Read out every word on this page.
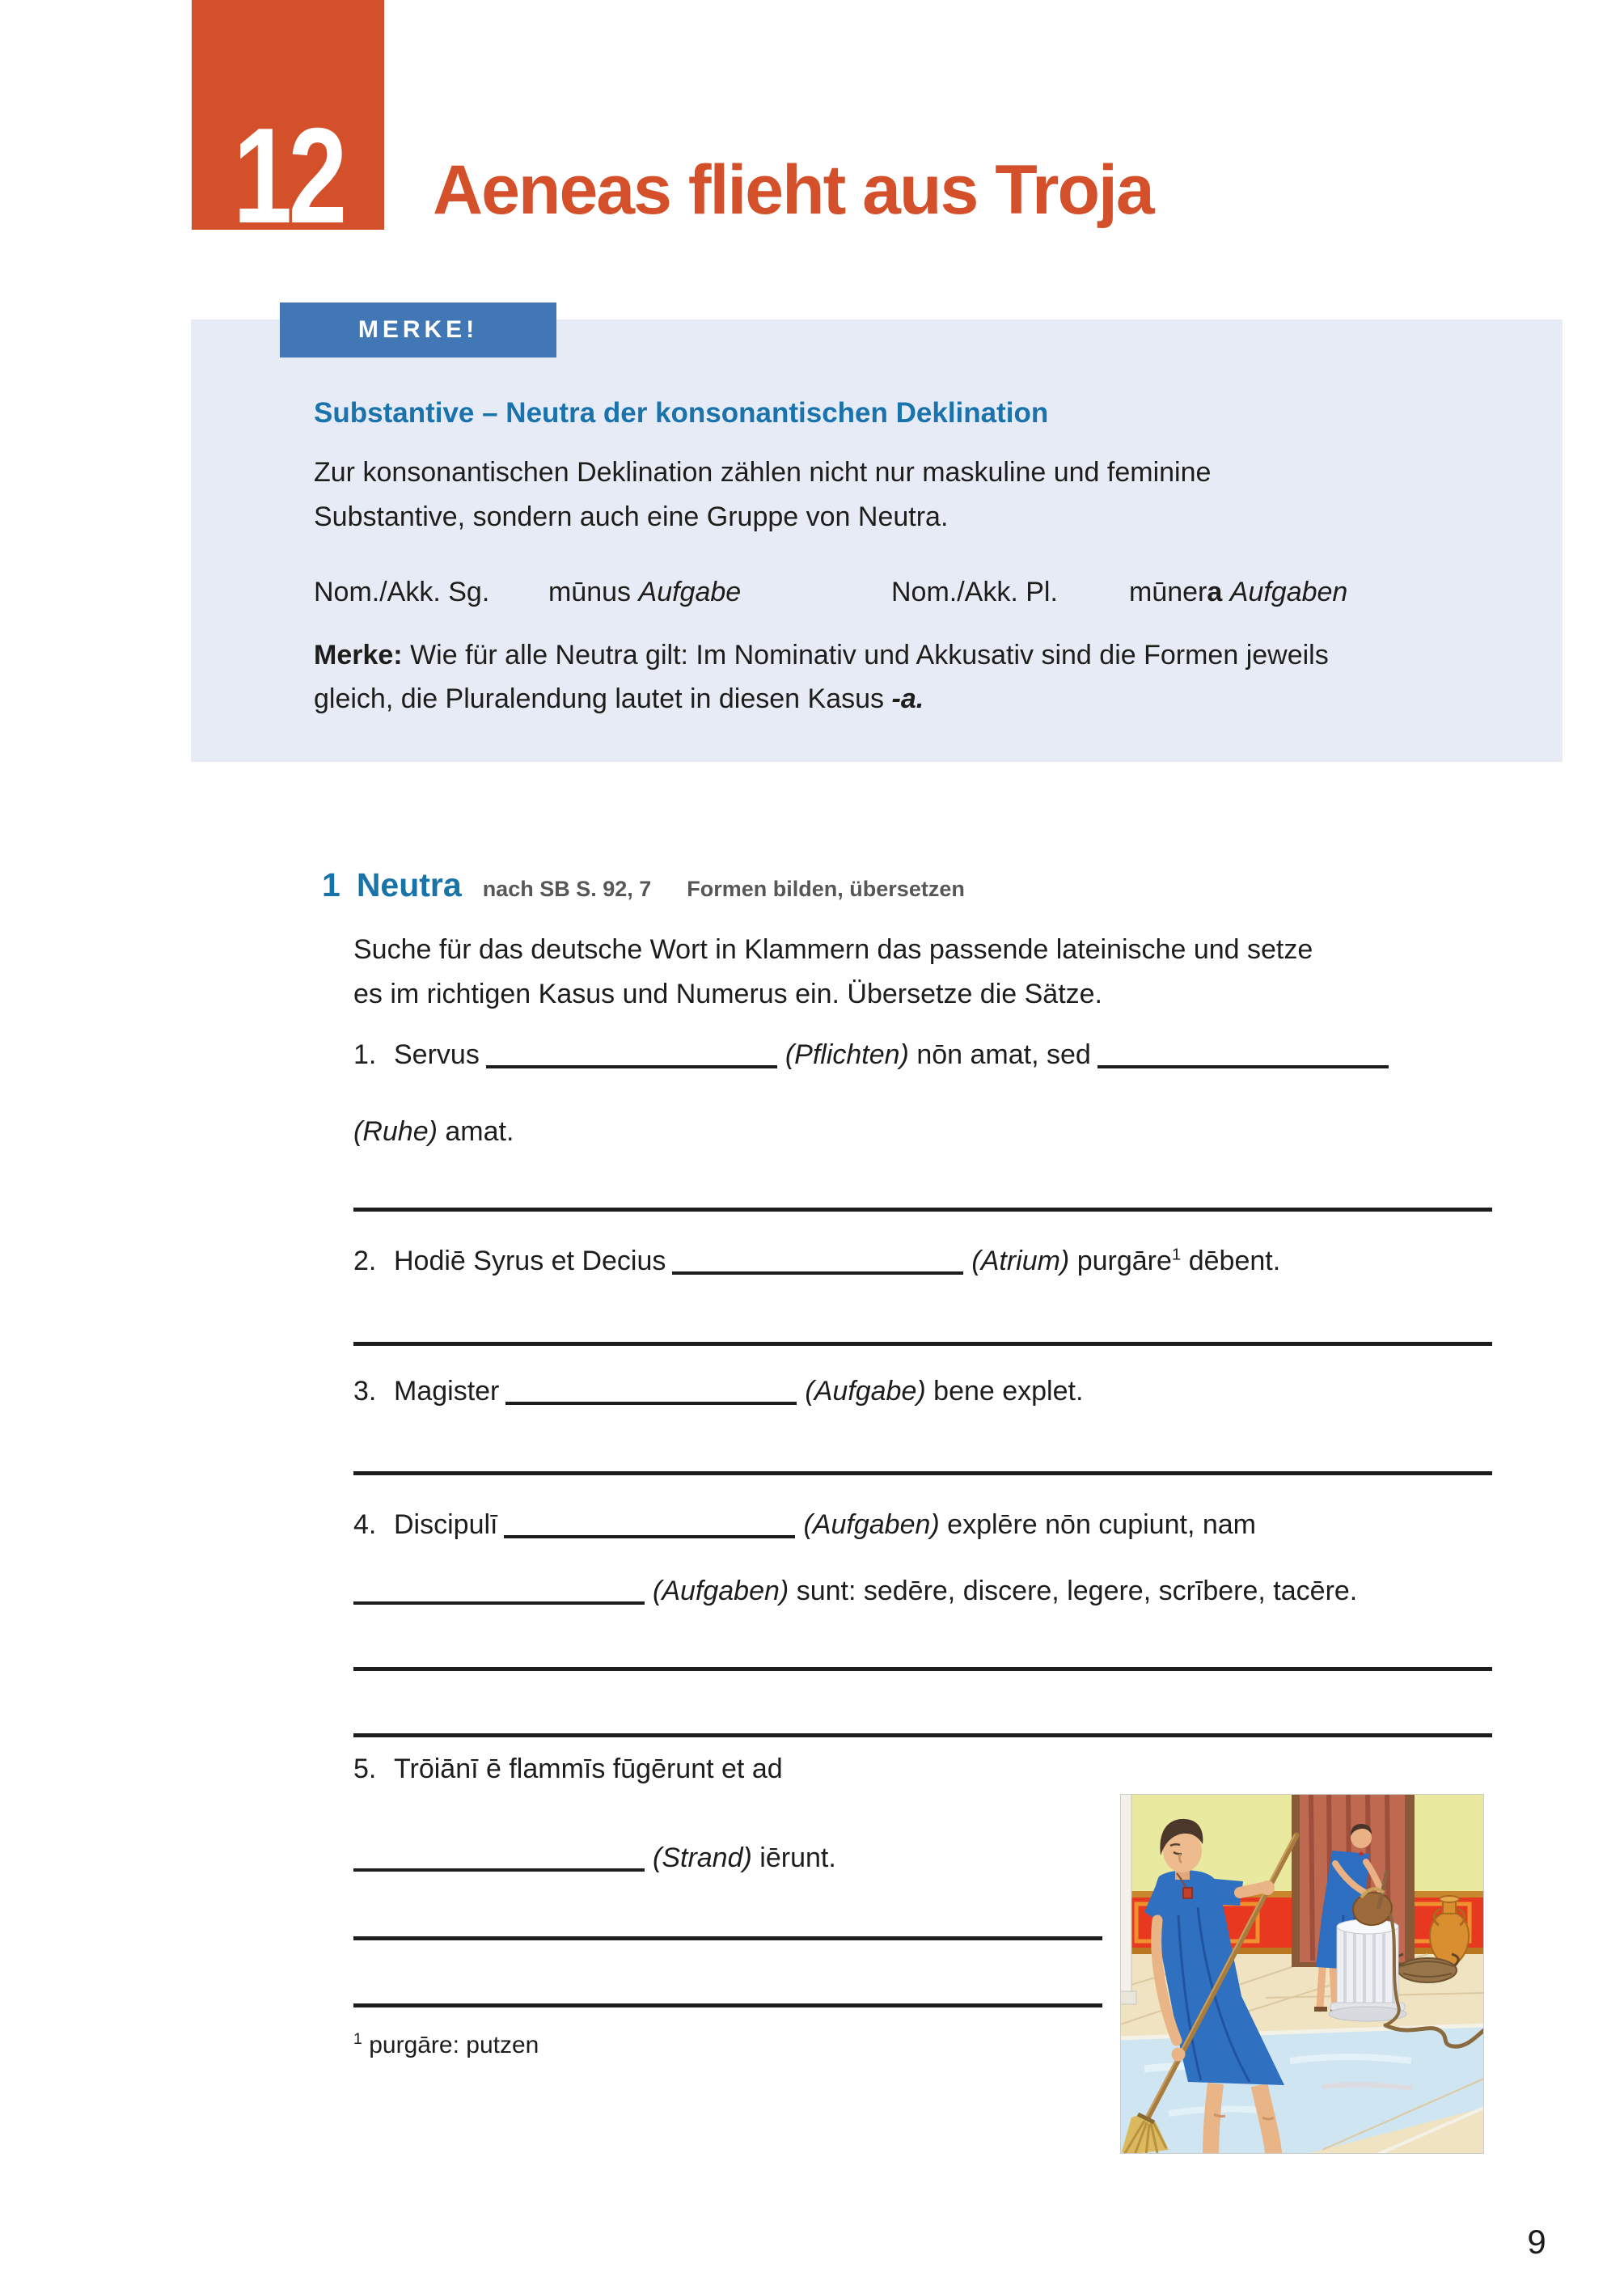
12 Aeneas flieht aus Troja
MERKE!
Substantive – Neutra der konsonantischen Deklination
Zur konsonantischen Deklination zählen nicht nur maskuline und feminine
Substantive, sondern auch eine Gruppe von Neutra.
Nom./Akk. Sg. mūnus Aufgabe	Nom./Akk. Pl.	mūnera Aufgaben
Merke: Wie für alle Neutra gilt: Im Nominativ und Akkusativ sind die Formen jeweils
gleich, die Pluralendung lautet in diesen Kasus -a.
1 Neutra nach SB S. 92, 7 Formen bilden, übersetzen
Suche für das deutsche Wort in Klammern das passende lateinische und setze
es im richtigen Kasus und Numerus ein. Übersetze die Sätze.
1. Servus	(Pflichten) nōn amat, sed
(Ruhe) amat.
2. Hodiē Syrus et Decius	(Atrium) purgāre$^1$ dēbent.
3. Magister	(Aufgabe) bene explet.
4. Discipulī	(Aufgaben) explēre nōn cupiunt, nam
(Aufgaben) sunt: sedēre, discere, legere, scrībere, tacēre.
5. Trōiānī ē flammīs fūgērunt et ad
(Strand) iērunt.
$^1$ purgāre: putzen
9
